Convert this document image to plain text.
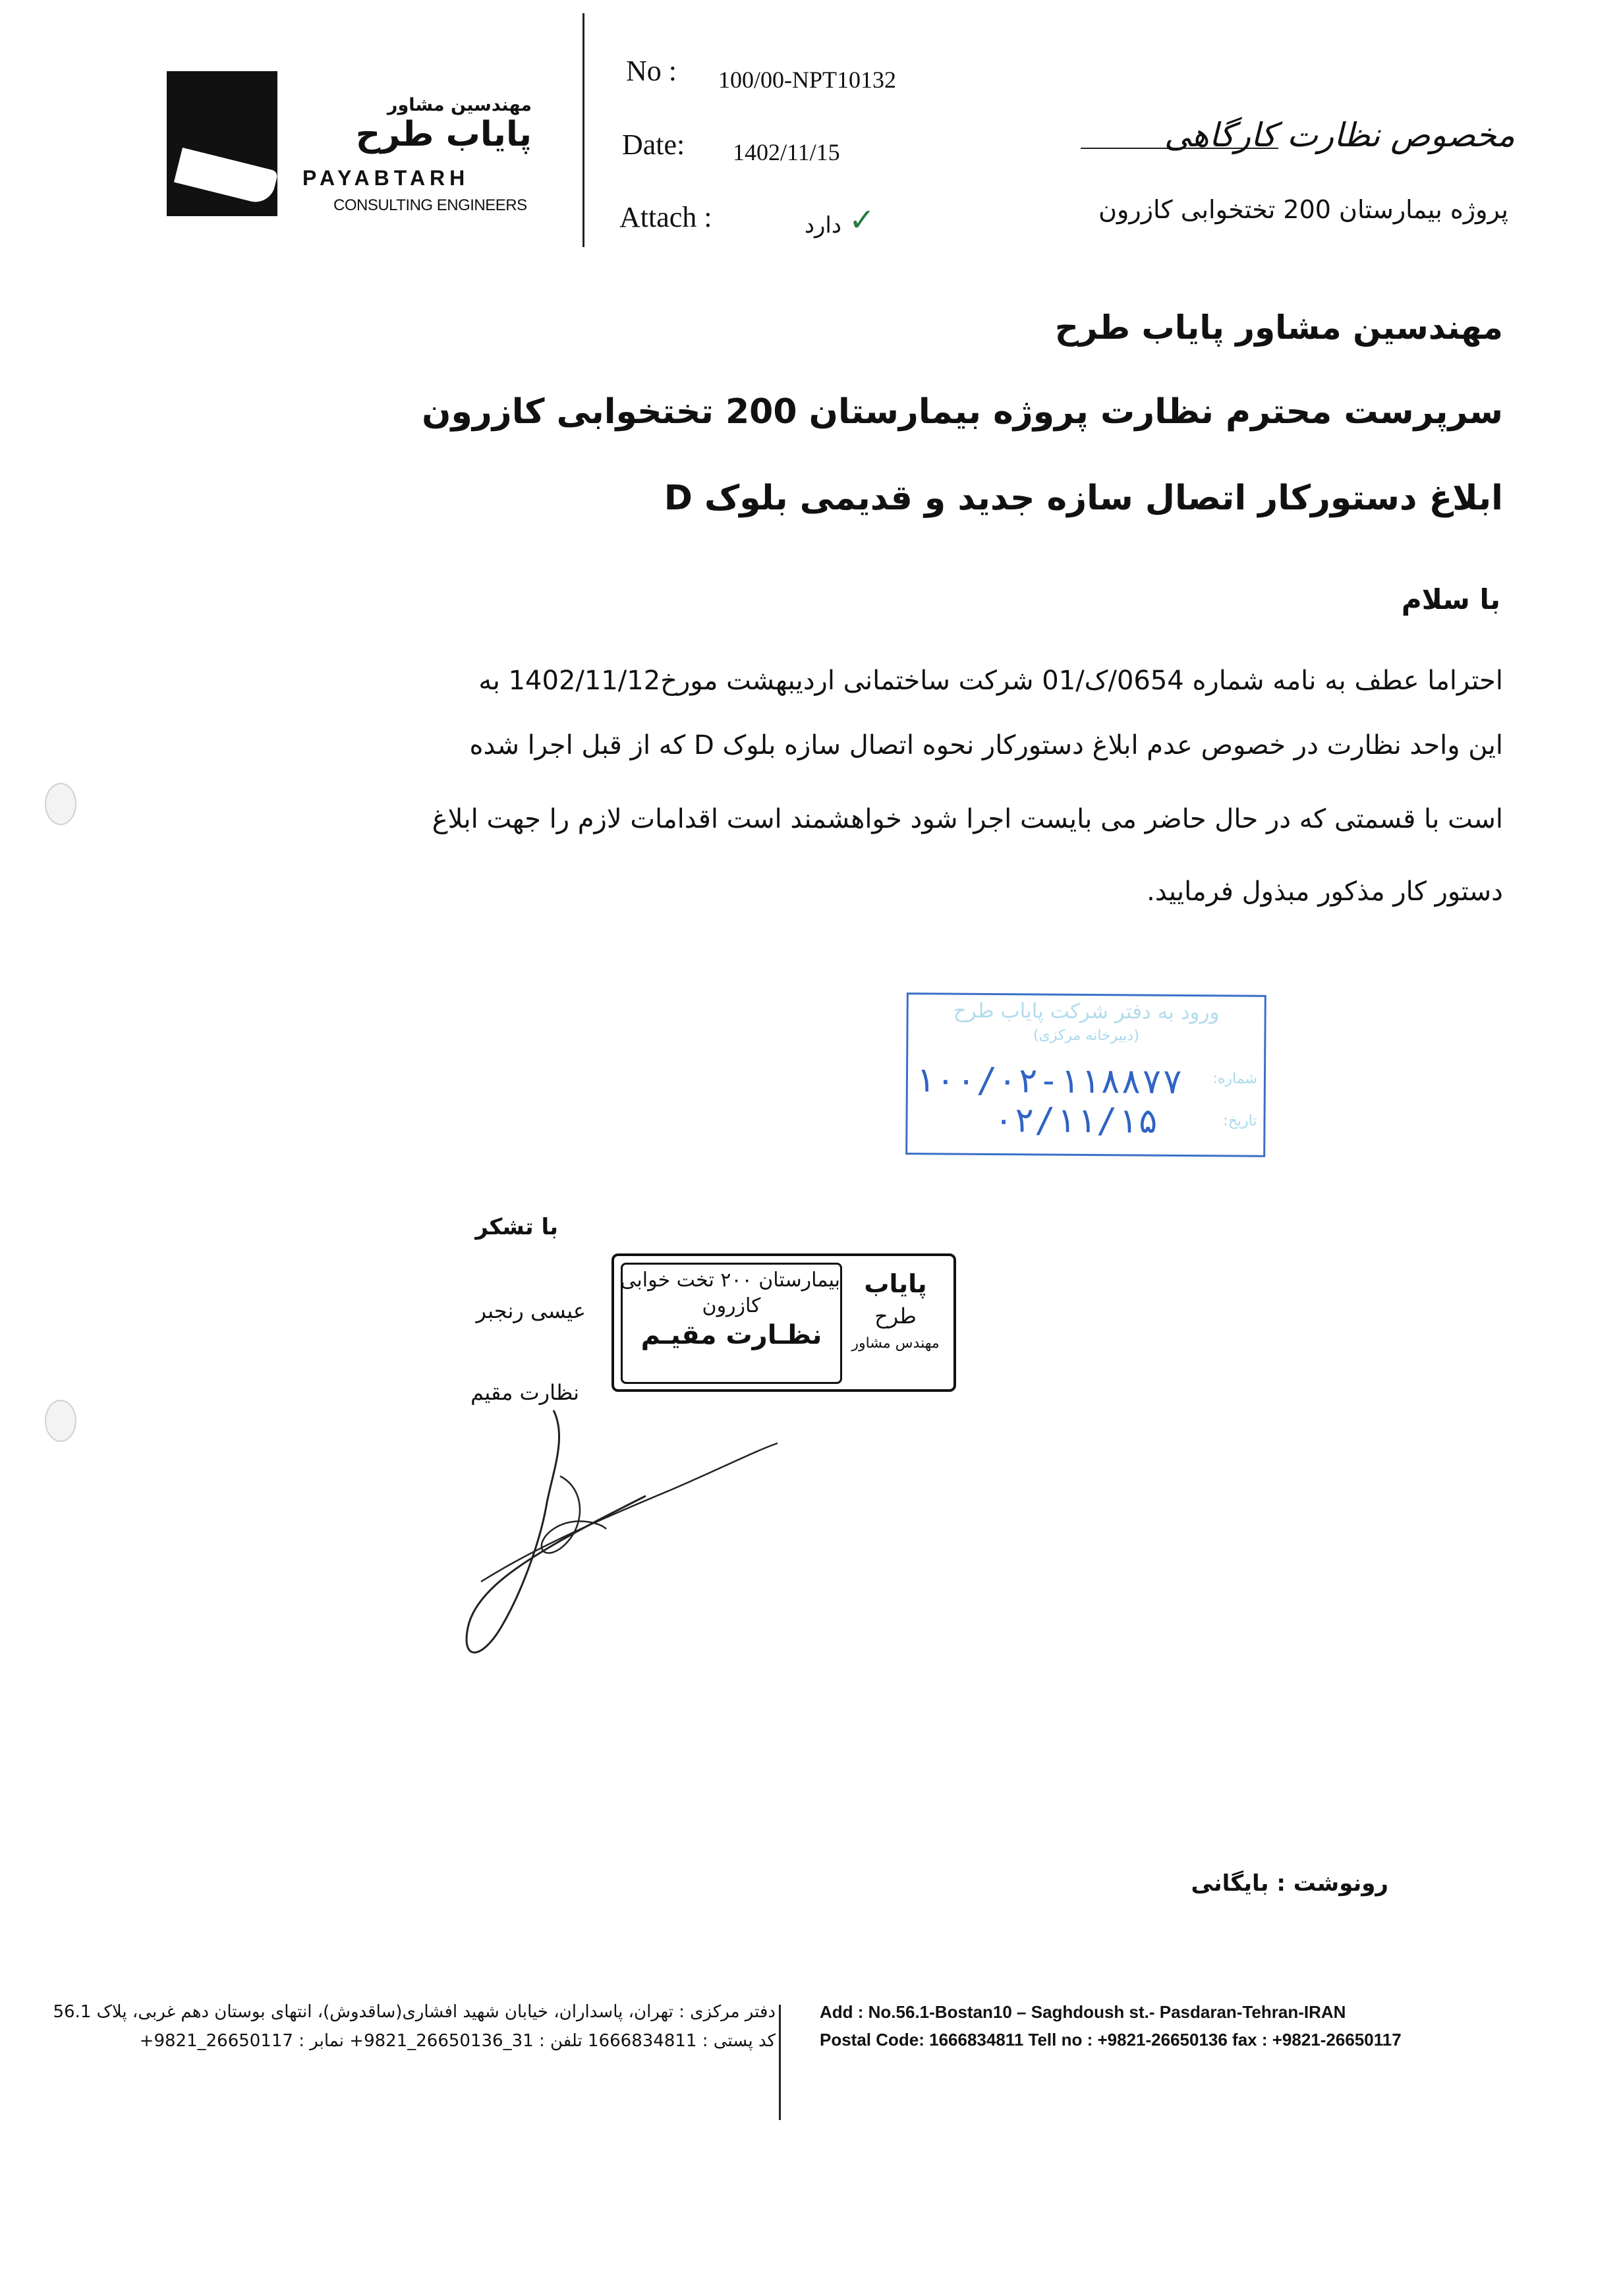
مهندسین مشاور
پایاب طرح
PAYABTARH
CONSULTING ENGINEERS
No : 100/00-NPT10132
Date: 1402/11/15
Attach :	دارد ✓
مخصوص نظارت کارگاهی
پروژه بیمارستان 200 تختخوابی کازرون
مهندسین مشاور پایاب طرح
سرپرست محترم نظارت پروژه بیمارستان 200 تختخوابی کازرون
ابلاغ دستورکار اتصال سازه جدید و قدیمی بلوک D
با سلام
احتراما عطف به نامه شماره 0654/ک/01 شرکت ساختمانی اردیبهشت مورخ1402/11/12 به
این واحد نظارت در خصوص عدم ابلاغ دستورکار نحوه اتصال سازه بلوک D که از قبل اجرا شده
است با قسمتی که در حال حاضر می بایست اجرا شود خواهشمند است اقدامات لازم را جهت ابلاغ
دستور کار مذکور مبذول فرمایید.
ورود به دفتر شرکت پایاب طرح
(دبیرخانه مرکزی)
شماره:
۱۰۰/۰۲-۱۱۸۸۷۷
تاریخ:
۰۲/۱۱/۱۵
با تشکر
عیسی رنجبر
نظارت مقیم
بیمارستان ۲۰۰ تخت خوابی
کازرون
نظـارت مقیـم
پایاب
طرح
مهندس مشاور
رونوشت : بایگانی
دفتر مرکزی : تهران، پاسداران، خیابان شهید افشاری(ساقدوش)، انتهای بوستان دهم غربی، پلاک 56.1
کد پستی : 1666834811 تلفن : 31_26650136_9821+ نمابر : 26650117_9821+
Add : No.56.1-Bostan10 – Saghdoush st.- Pasdaran-Tehran-IRAN
Postal Code: 1666834811 Tell no : +9821-26650136 fax : +9821-26650117
